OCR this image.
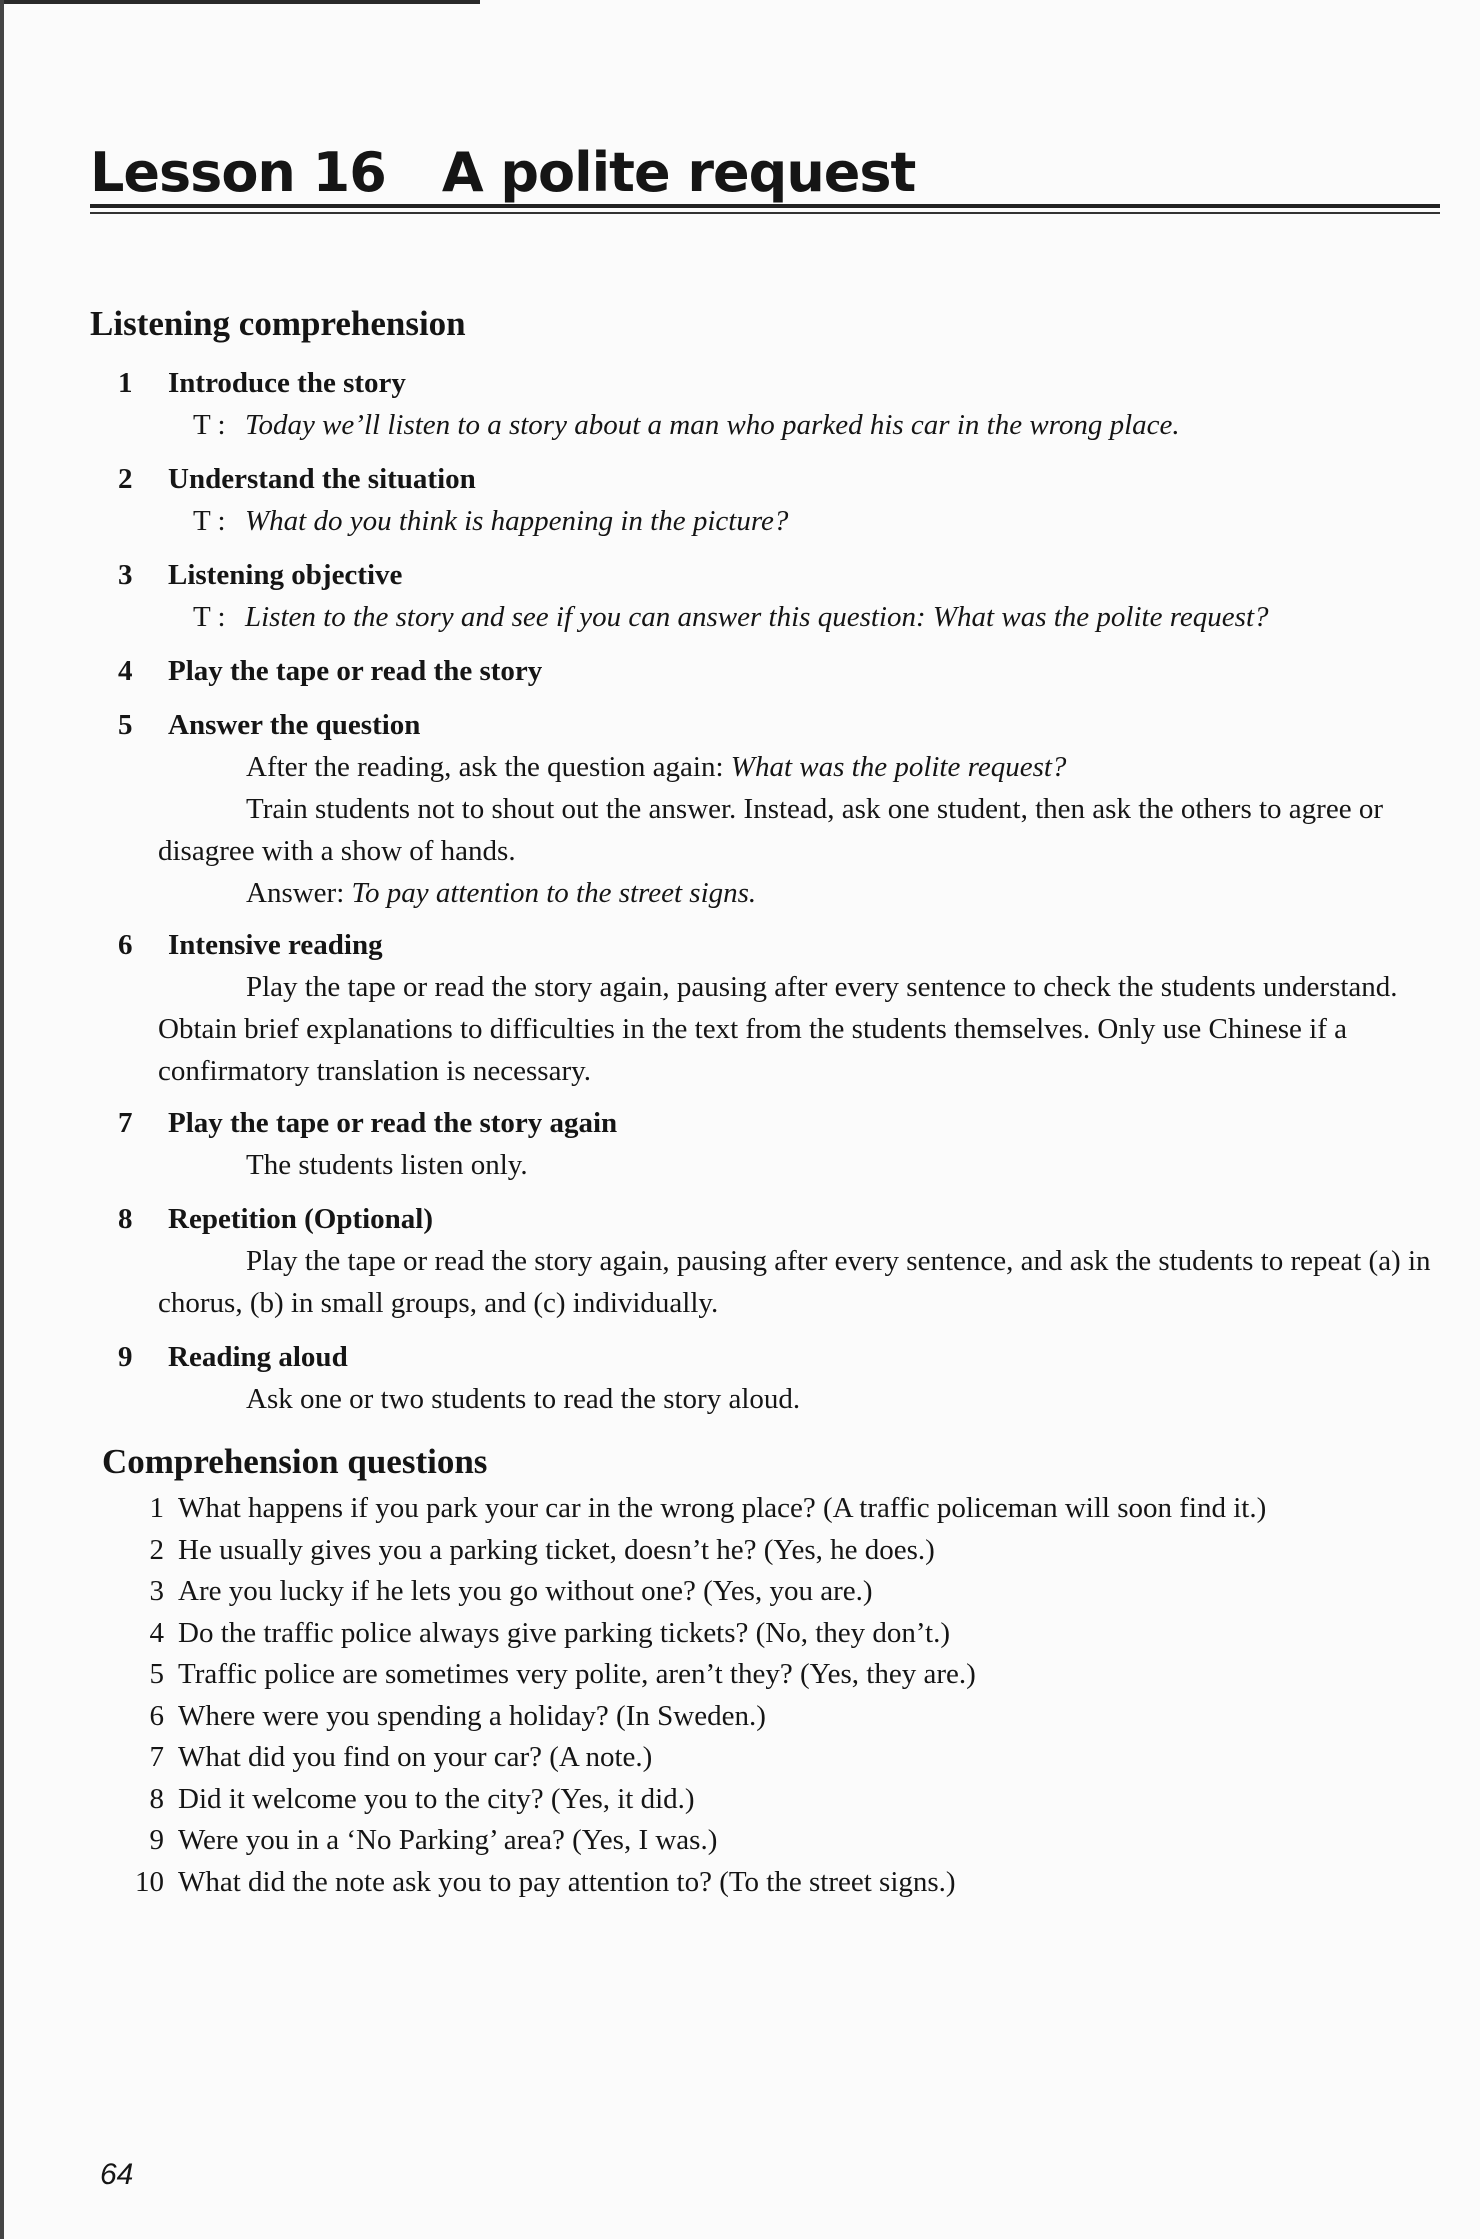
Lesson 16 A polite request
Listening comprehension
1 Introduce the story
T : Today we’ll listen to a story about a man who parked his car in the wrong place.
2 Understand the situation
T : What do you think is happening in the picture?
3 Listening objective
T : Listen to the story and see if you can answer this question: What was the polite request?
4 Play the tape or read the story
5 Answer the question
After the reading, ask the question again: What was the polite request?
Train students not to shout out the answer. Instead, ask one student, then ask the others to agree or disagree with a show of hands.
Answer: To pay attention to the street signs.
6 Intensive reading
Play the tape or read the story again, pausing after every sentence to check the students understand. Obtain brief explanations to difficulties in the text from the students themselves. Only use Chinese if a confirmatory translation is necessary.
7 Play the tape or read the story again
The students listen only.
8 Repetition (Optional)
Play the tape or read the story again, pausing after every sentence, and ask the students to repeat (a) in chorus, (b) in small groups, and (c) individually.
9 Reading aloud
Ask one or two students to read the story aloud.
Comprehension questions
1 What happens if you park your car in the wrong place? (A traffic policeman will soon find it.)
2 He usually gives you a parking ticket, doesn’t he? (Yes, he does.)
3 Are you lucky if he lets you go without one? (Yes, you are.)
4 Do the traffic police always give parking tickets? (No, they don’t.)
5 Traffic police are sometimes very polite, aren’t they? (Yes, they are.)
6 Where were you spending a holiday? (In Sweden.)
7 What did you find on your car? (A note.)
8 Did it welcome you to the city? (Yes, it did.)
9 Were you in a ‘No Parking’ area? (Yes, I was.)
10 What did the note ask you to pay attention to? (To the street signs.)
64
